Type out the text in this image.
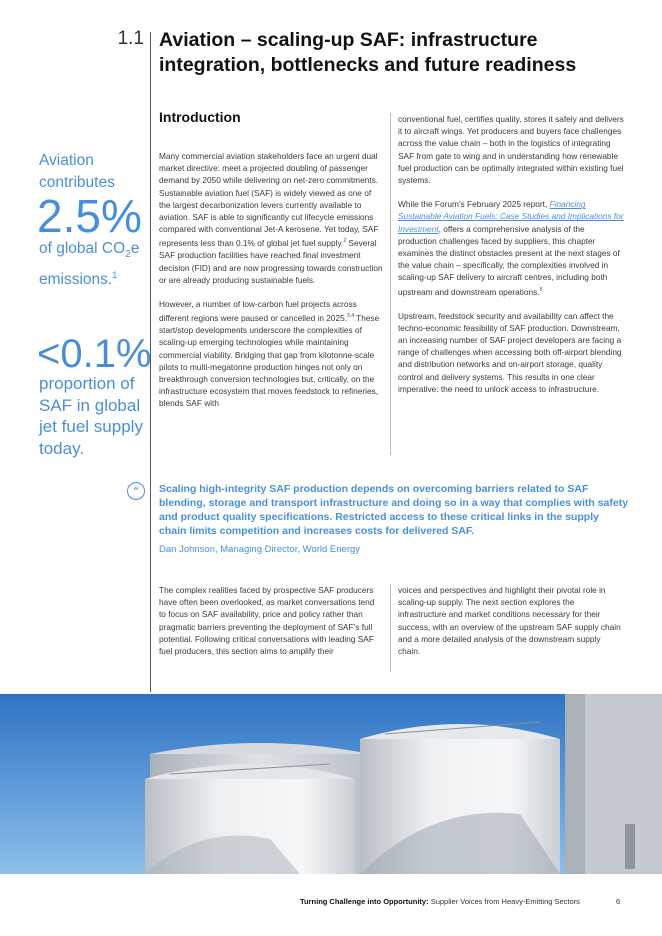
1.1 Aviation – scaling-up SAF: infrastructure integration, bottlenecks and future readiness
Aviation contributes
2.5%
of global $CO_2e$ emissions.$^1$
<0.1%
proportion of SAF in global jet fuel supply today.
Introduction

Many commercial aviation stakeholders face an urgent dual market directive: meet a projected doubling of passenger demand by 2050 while delivering on net-zero commitments. Sustainable aviation fuel (SAF) is widely viewed as one of the largest decarbonization levers currently available to aviation. SAF is able to significantly cut lifecycle emissions compared with conventional Jet-A kerosene. Yet today, SAF represents less than 0.1% of global jet fuel supply.$^2$ Several SAF production facilities have reached final investment decision (FID) and are now progressing towards construction or are already producing sustainable fuels.

However, a number of low-carbon fuel projects across different regions were paused or cancelled in 2025.$^{3,4}$ These start/stop developments underscore the complexities of scaling-up emerging technologies while maintaining commercial viability. Bridging that gap from kilotonne-scale pilots to multi-megatonne production hinges not only on breakthrough conversion technologies but, critically, on the infrastructure ecosystem that moves feedstock to refineries, blends SAF with

conventional fuel, certifies quality, stores it safely and delivers it to aircraft wings. Yet producers and buyers face challenges across the value chain – both in the logistics of integrating SAF from gate to wing and in understanding how renewable fuel production can be optimally integrated within existing fuel systems.

While the Forum’s February 2025 report, Financing Sustainable Aviation Fuels: Case Studies and Implications for Investment, offers a comprehensive analysis of the production challenges faced by suppliers, this chapter examines the distinct obstacles present at the next stages of the value chain – specifically, the complexities involved in scaling-up SAF delivery to aircraft centres, including both upstream and downstream operations.$^5$

Upstream, feedstock security and availability can affect the techno-economic feasibility of SAF production. Downstream, an increasing number of SAF project developers are facing a range of challenges when accessing both off-airport blending and distribution networks and on-airport storage, quality control and delivery systems. This results in one clear imperative: the need to unlock access to infrastructure.

“	Scaling high-integrity SAF production depends on overcoming barriers related to SAF blending, storage and transport infrastructure and doing so in a way that complies with safety and product quality specifications. Restricted access to these critical links in the supply chain limits competition and increases costs for delivered SAF.
Dan Johnson, Managing Director, World Energy

The complex realities faced by prospective SAF producers have often been overlooked, as market conversations tend to focus on SAF availability, price and policy rather than pragmatic barriers preventing the deployment of SAF’s full potential. Following critical conversations with leading SAF fuel producers, this section aims to amplify their

voices and perspectives and highlight their pivotal role in scaling-up supply. The next section explores the infrastructure and market conditions necessary for their success, with an overview of the upstream SAF supply chain and a more detailed analysis of the downstream supply chain.

Turning Challenge into Opportunity: Supplier Voices from Heavy-Emitting Sectors	6
